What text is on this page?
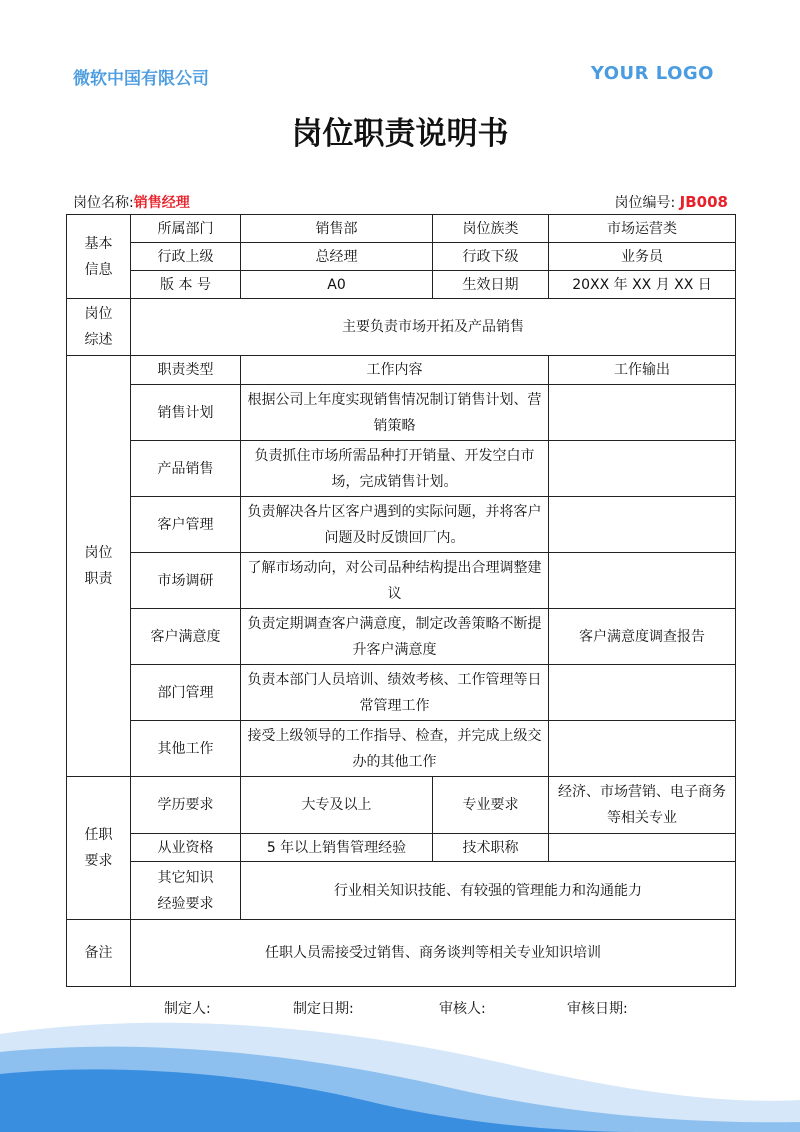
微软中国有限公司	YOUR LOGO
岗位职责说明书
岗位名称:销售经理	岗位编号: JB008
基本信息	所属部门	销售部	岗位族类	市场运营类
	行政上级	总经理	行政下级	业务员
	版 本 号	A0	生效日期	20XX 年 XX 月 XX 日
岗位综述	主要负责市场开拓及产品销售			
岗位职责	职责类型	工作内容		工作输出
	销售计划	根据公司上年度实现销售情况制订销售计划、营销策略		
	产品销售	负责抓住市场所需品种打开销量、开发空白市场，完成销售计划。		
	客户管理	负责解决各片区客户遇到的实际问题，并将客户问题及时反馈回厂内。		
	市场调研	了解市场动向，对公司品种结构提出合理调整建议		
	客户满意度	负责定期调查客户满意度，制定改善策略不断提升客户满意度		客户满意度调查报告
	部门管理	负责本部门人员培训、绩效考核、工作管理等日常管理工作		
	其他工作	接受上级领导的工作指导、检查，并完成上级交办的其他工作		
任职要求	学历要求	大专及以上	专业要求	经济、市场营销、电子商务等相关专业
	从业资格	5 年以上销售管理经验	技术职称	
	其它知识经验要求	行业相关知识技能、有较强的管理能力和沟通能力		
备注	任职人员需接受过销售、商务谈判等相关专业知识培训			
制定人:	制定日期:	审核人:	审核日期:
